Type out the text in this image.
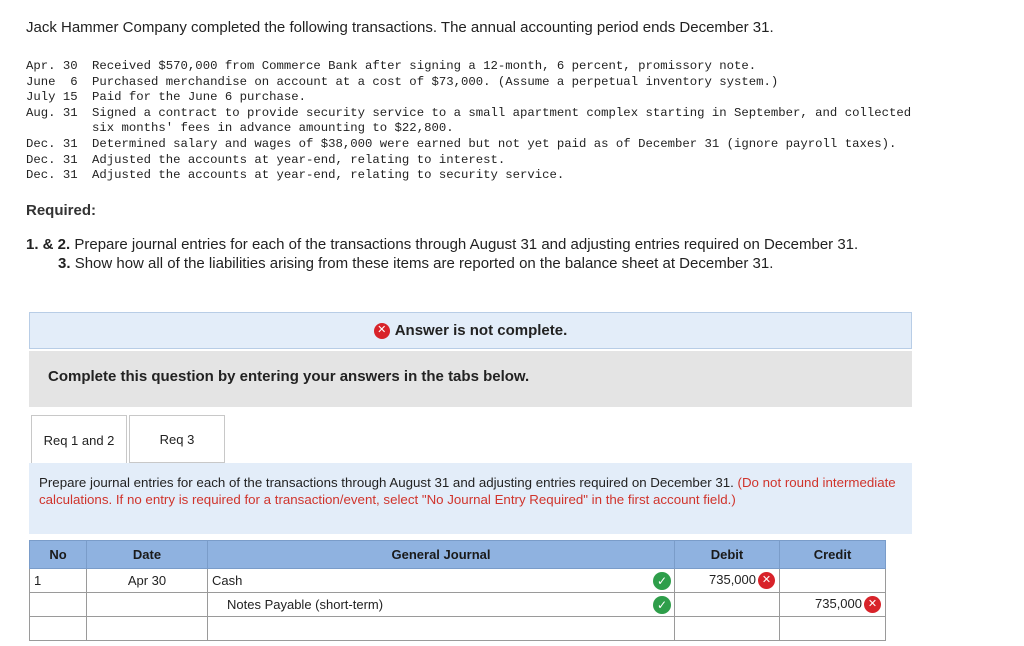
Jack Hammer Company completed the following transactions. The annual accounting period ends December 31.
Apr. 30	Received $570,000 from Commerce Bank after signing a 12-month, 6 percent, promissory note.
June  6	Purchased merchandise on account at a cost of $73,000. (Assume a perpetual inventory system.)
July 15	Paid for the June 6 purchase.
Aug. 31	Signed a contract to provide security service to a small apartment complex starting in September, and collected
six months' fees in advance amounting to $22,800.
Dec. 31	Determined salary and wages of $38,000 were earned but not yet paid as of December 31 (ignore payroll taxes).
Dec. 31	Adjusted the accounts at year-end, relating to interest.
Dec. 31	Adjusted the accounts at year-end, relating to security service.
Required:
1. & 2. Prepare journal entries for each of the transactions through August 31 and adjusting entries required on December 31.
3. Show how all of the liabilities arising from these items are reported on the balance sheet at December 31.
✕ Answer is not complete.
Complete this question by entering your answers in the tabs below.
Req 1 and 2	Req 3
Prepare journal entries for each of the transactions through August 31 and adjusting entries required on December 31. (Do not round intermediate calculations. If no entry is required for a transaction/event, select "No Journal Entry Required" in the first account field.)
No	Date	General Journal	Debit	Credit
1	Apr 30	Cash ✓	735,000 ✕	
		Notes Payable (short-term) ✓		735,000 ✕
